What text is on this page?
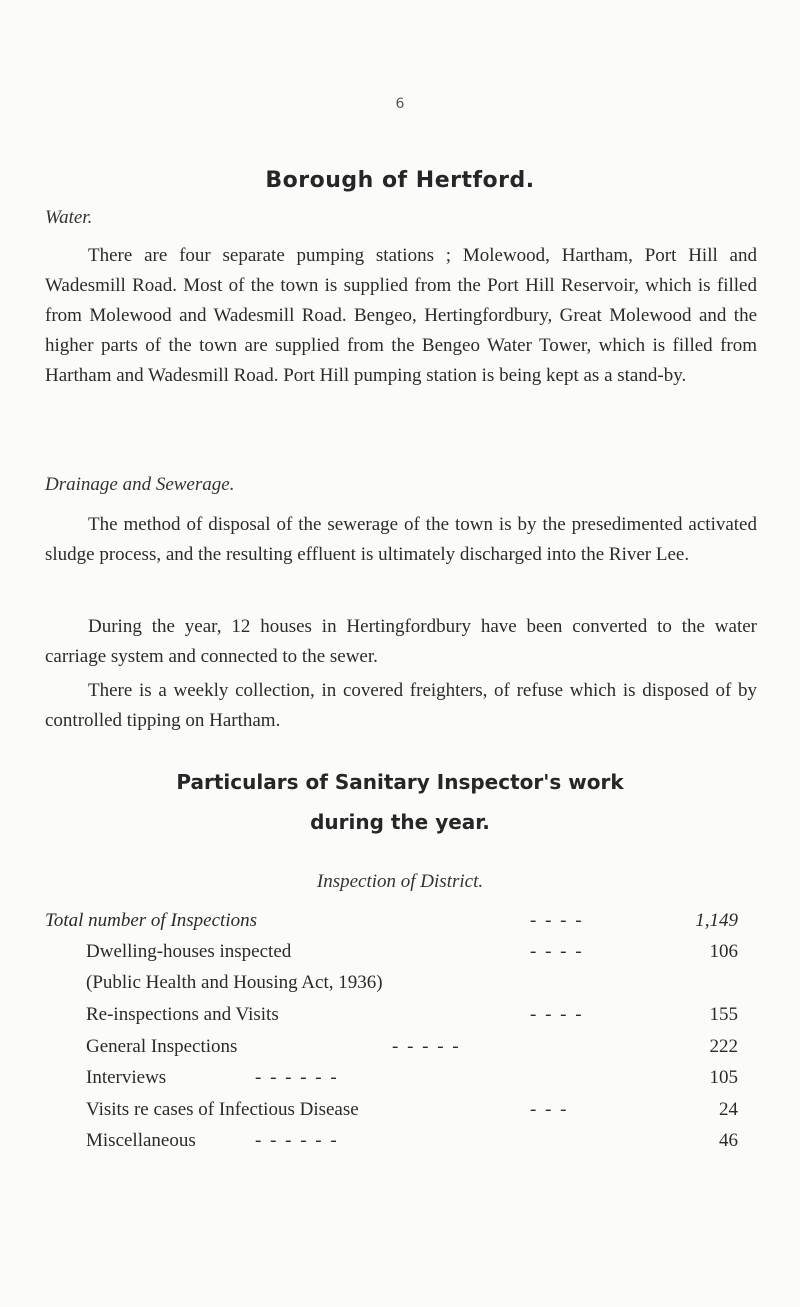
6
Borough of Hertford.
Water.
There are four separate pumping stations ; Molewood, Hartham, Port Hill and Wadesmill Road. Most of the town is supplied from the Port Hill Reservoir, which is filled from Molewood and Wadesmill Road. Bengeo, Hertingfordbury, Great Molewood and the higher parts of the town are supplied from the Bengeo Water Tower, which is filled from Hartham and Wadesmill Road. Port Hill pumping station is being kept as a stand-by.
Drainage and Sewerage.
The method of disposal of the sewerage of the town is by the presedimented activated sludge process, and the resulting effluent is ultimately discharged into the River Lee.
During the year, 12 houses in Hertingfordbury have been converted to the water carriage system and connected to the sewer.
There is a weekly collection, in covered freighters, of refuse which is disposed of by controlled tipping on Hartham.
Particulars of Sanitary Inspector's work
during the year.
Inspection of District.
Total number of Inspections	- - - -	1,149
Dwelling-houses inspected	- - - -	106
(Public Health and Housing Act, 1936)
Re-inspections and Visits	- - - -	155
General Inspections	- - - - -	222
Interviews	- - - - - -	105
Visits re cases of Infectious Disease	- - -	24
Miscellaneous	- - - - - -	46
